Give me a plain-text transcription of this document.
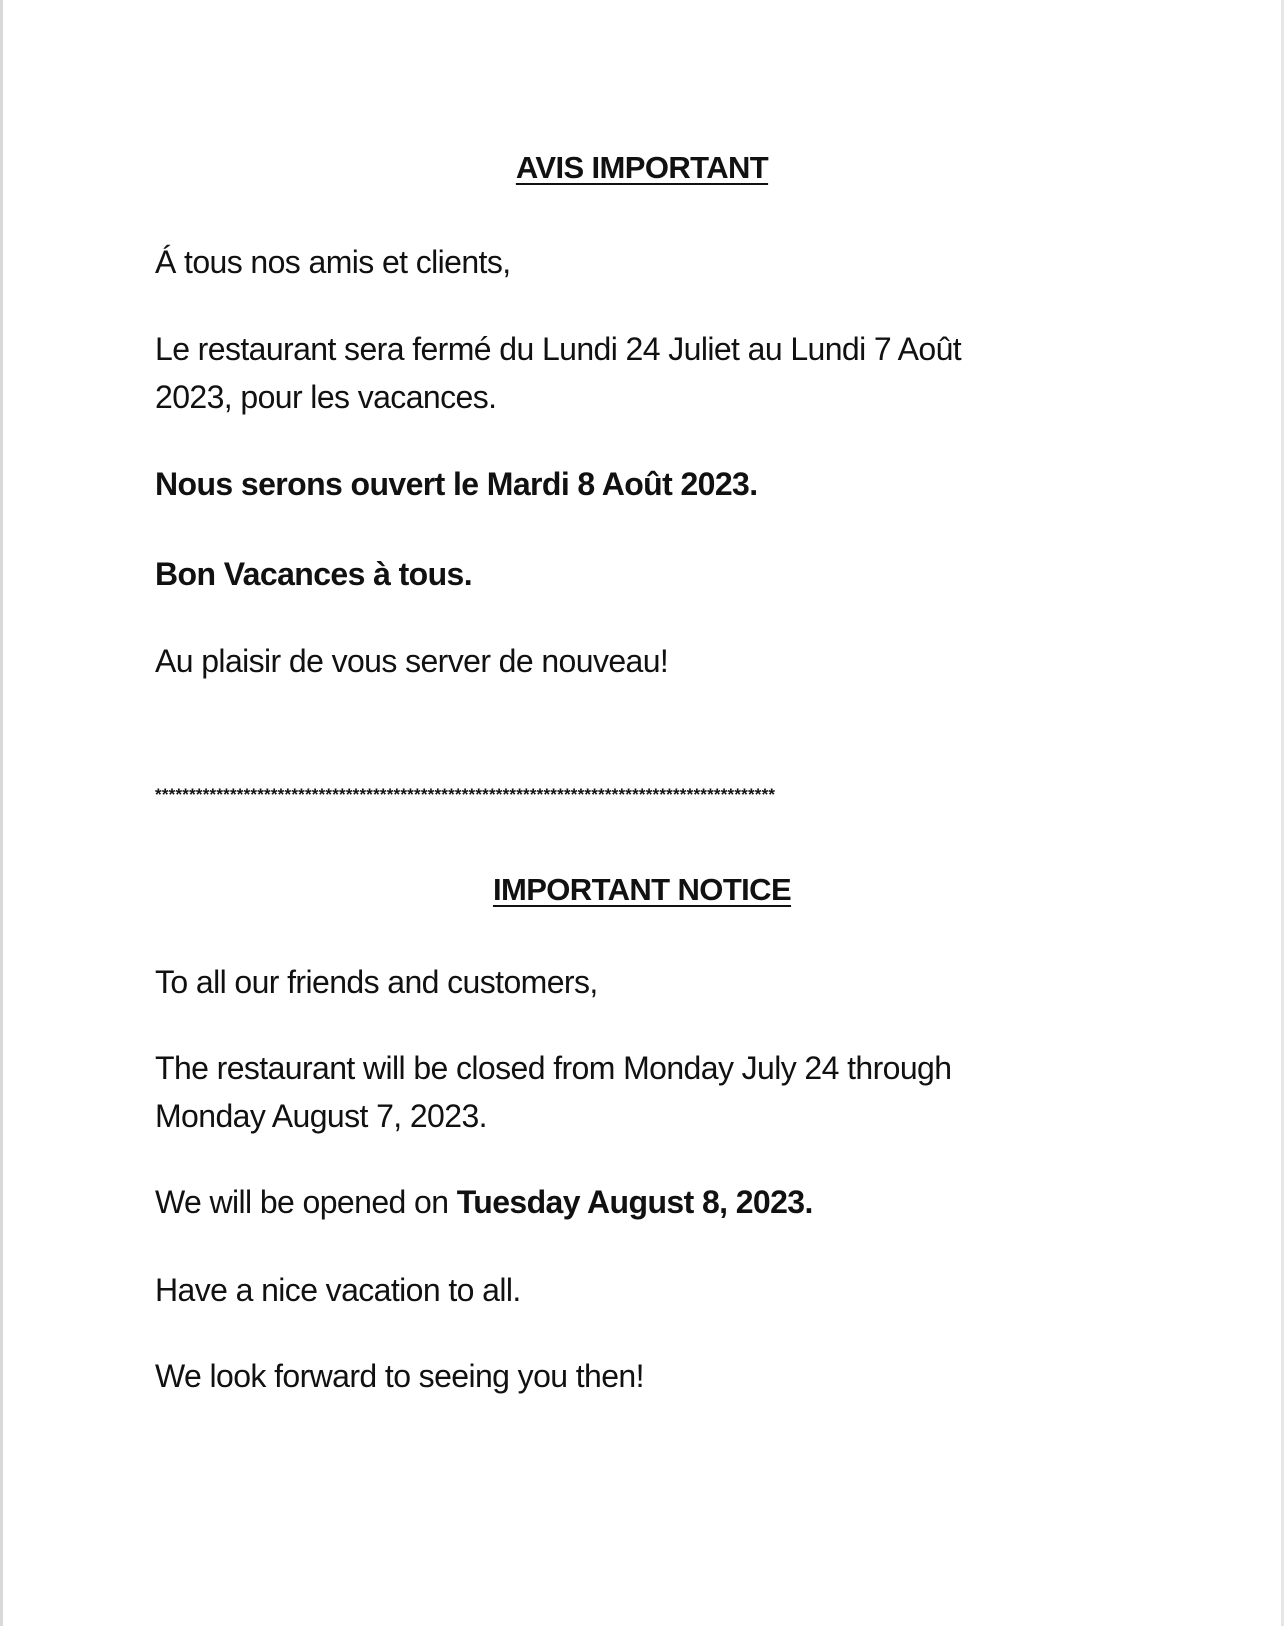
AVIS IMPORTANT
Á tous nos amis et clients,
Le restaurant sera fermé du Lundi 24 Juliet au Lundi 7 Août
2023, pour les vacances.
Nous serons ouvert le Mardi 8 Août 2023.
Bon Vacances à tous.
Au plaisir de vous server de nouveau!
*******************************************************************************************
IMPORTANT NOTICE
To all our friends and customers,
The restaurant will be closed from Monday July 24 through
Monday August 7, 2023.
We will be opened on Tuesday August 8, 2023.
Have a nice vacation to all.
We look forward to seeing you then!
